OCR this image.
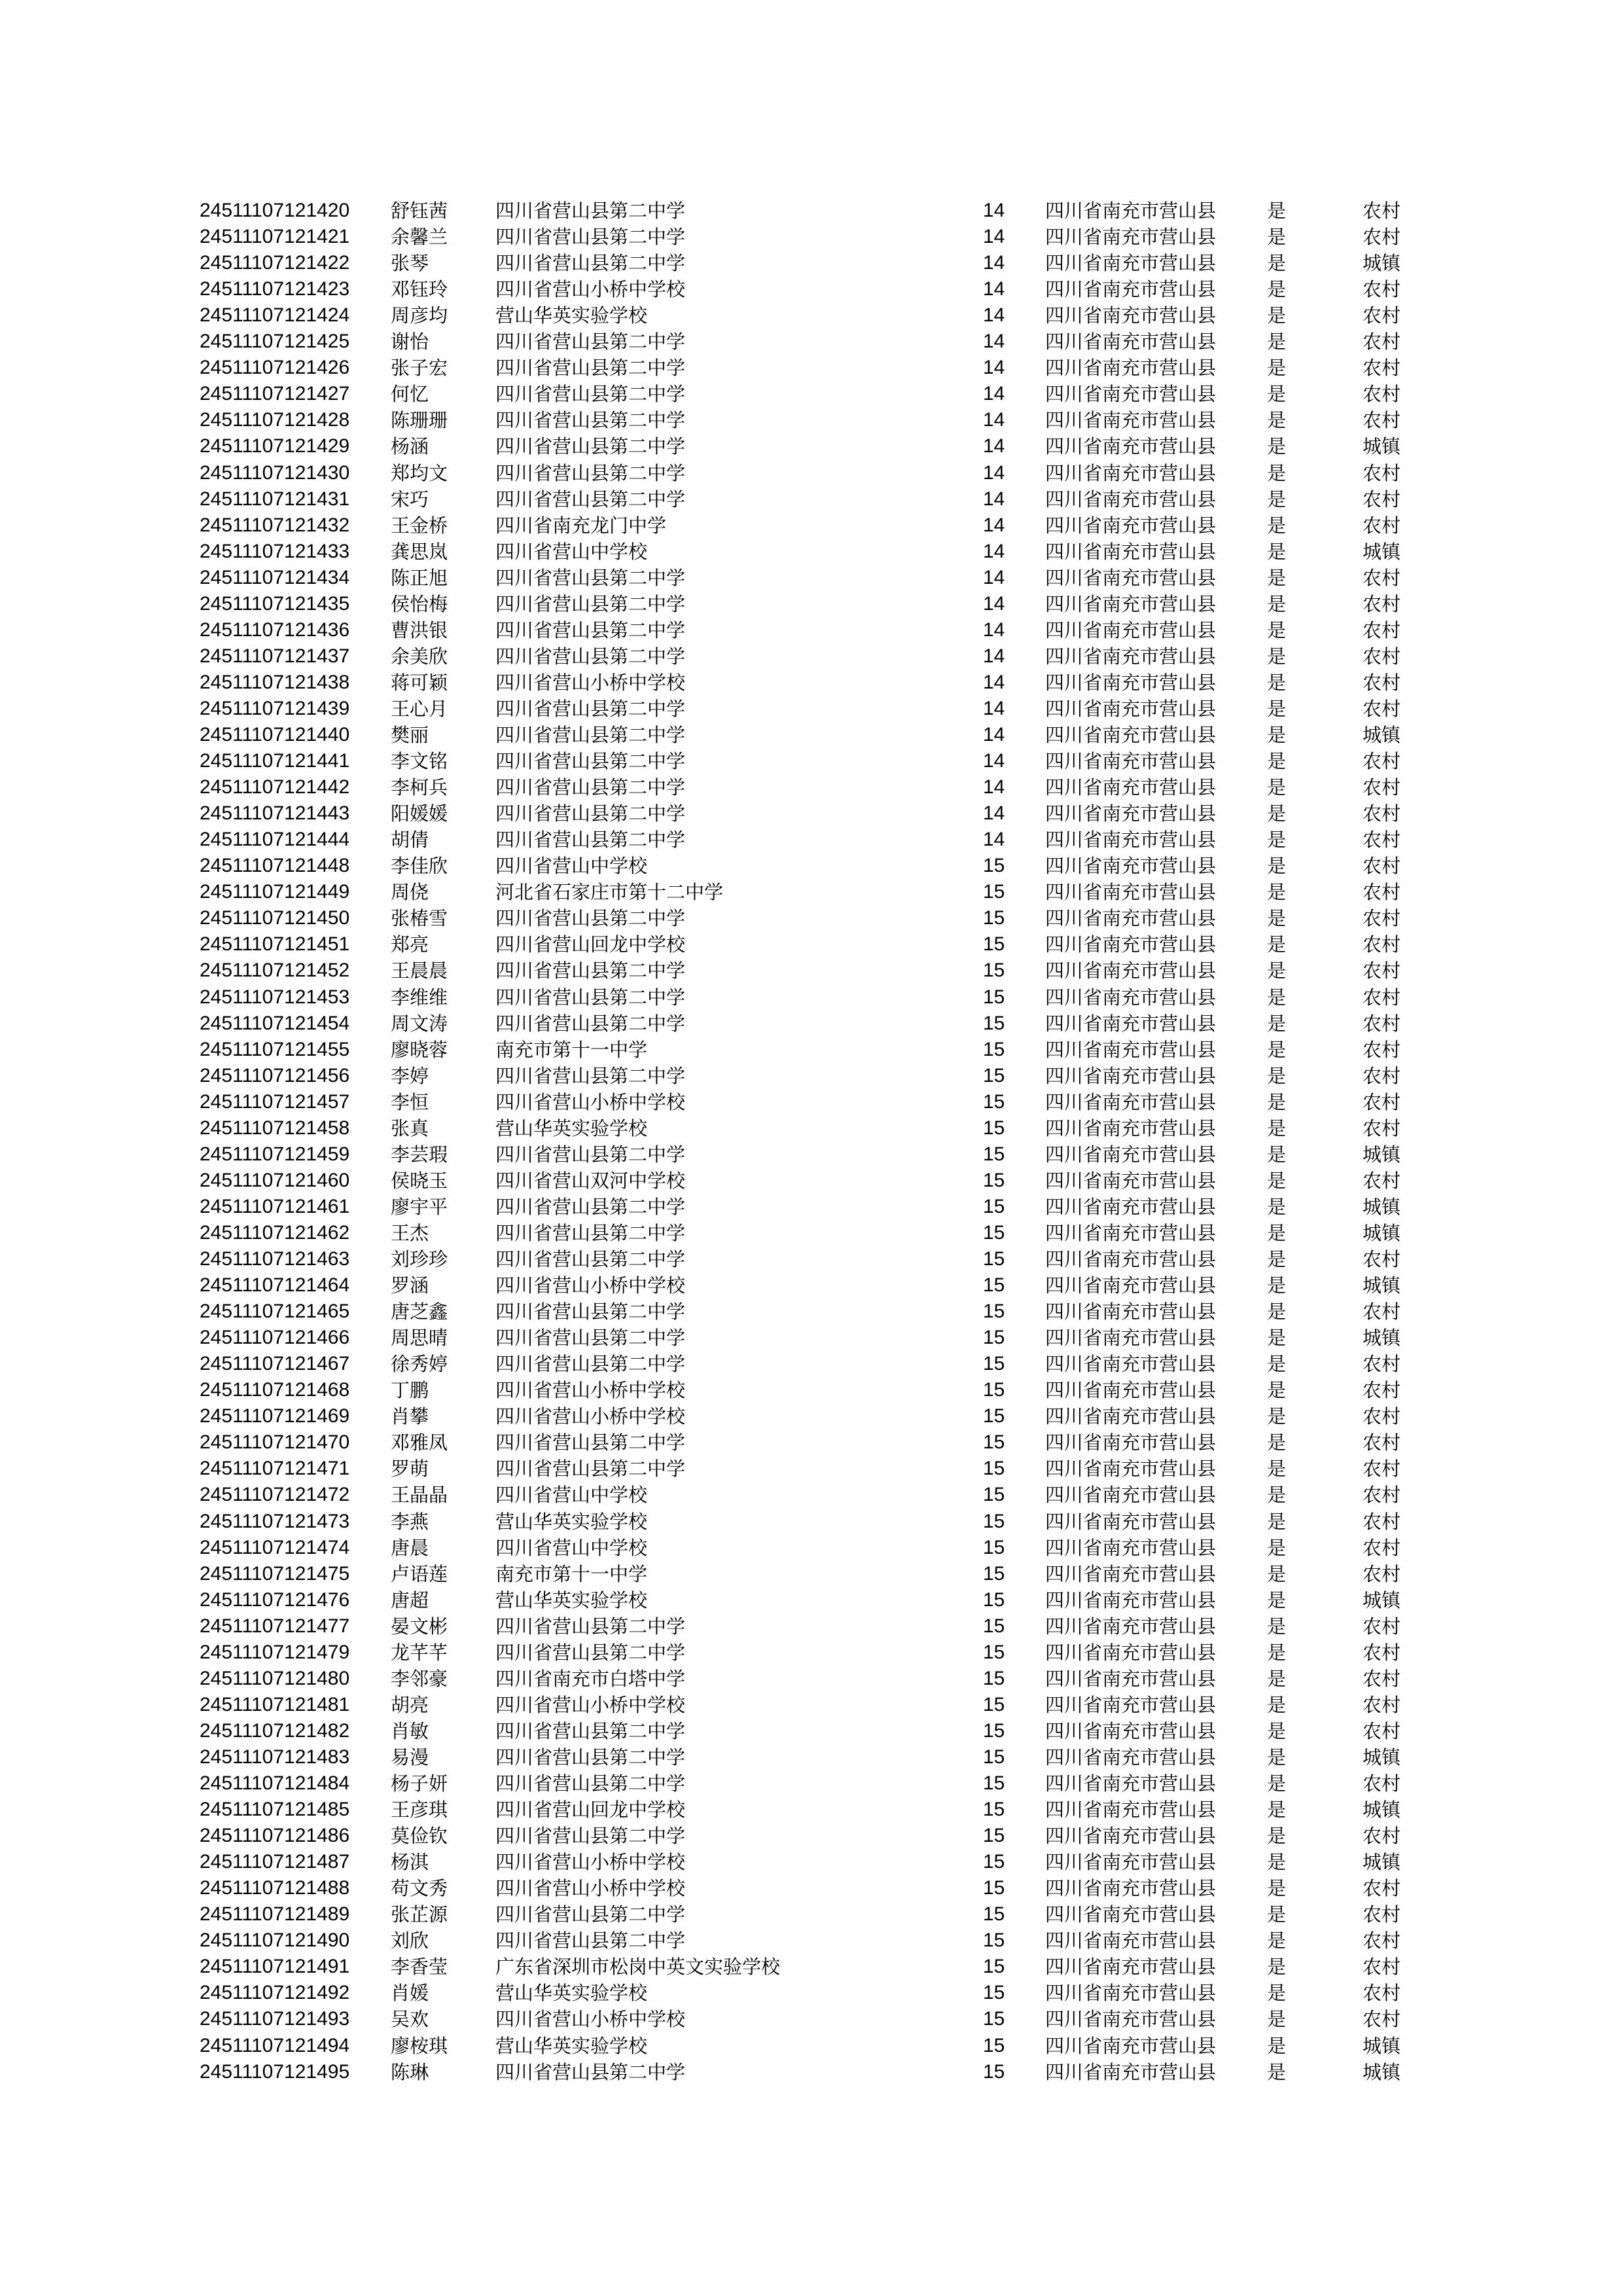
24511107121420	舒钰茜	四川省营山县第二中学	14	四川省南充市营山县	是	农村
24511107121421	余馨兰	四川省营山县第二中学	14	四川省南充市营山县	是	农村
24511107121422	张琴	四川省营山县第二中学	14	四川省南充市营山县	是	城镇
24511107121423	邓钰玲	四川省营山小桥中学校	14	四川省南充市营山县	是	农村
24511107121424	周彦均	营山华英实验学校	14	四川省南充市营山县	是	农村
24511107121425	谢怡	四川省营山县第二中学	14	四川省南充市营山县	是	农村
24511107121426	张子宏	四川省营山县第二中学	14	四川省南充市营山县	是	农村
24511107121427	何忆	四川省营山县第二中学	14	四川省南充市营山县	是	农村
24511107121428	陈珊珊	四川省营山县第二中学	14	四川省南充市营山县	是	农村
24511107121429	杨涵	四川省营山县第二中学	14	四川省南充市营山县	是	城镇
24511107121430	郑均文	四川省营山县第二中学	14	四川省南充市营山县	是	农村
24511107121431	宋巧	四川省营山县第二中学	14	四川省南充市营山县	是	农村
24511107121432	王金桥	四川省南充龙门中学	14	四川省南充市营山县	是	农村
24511107121433	龚思岚	四川省营山中学校	14	四川省南充市营山县	是	城镇
24511107121434	陈正旭	四川省营山县第二中学	14	四川省南充市营山县	是	农村
24511107121435	侯怡梅	四川省营山县第二中学	14	四川省南充市营山县	是	农村
24511107121436	曹洪银	四川省营山县第二中学	14	四川省南充市营山县	是	农村
24511107121437	余美欣	四川省营山县第二中学	14	四川省南充市营山县	是	农村
24511107121438	蒋可颖	四川省营山小桥中学校	14	四川省南充市营山县	是	农村
24511107121439	王心月	四川省营山县第二中学	14	四川省南充市营山县	是	农村
24511107121440	樊丽	四川省营山县第二中学	14	四川省南充市营山县	是	城镇
24511107121441	李文铭	四川省营山县第二中学	14	四川省南充市营山县	是	农村
24511107121442	李柯兵	四川省营山县第二中学	14	四川省南充市营山县	是	农村
24511107121443	阳媛媛	四川省营山县第二中学	14	四川省南充市营山县	是	农村
24511107121444	胡倩	四川省营山县第二中学	14	四川省南充市营山县	是	农村
24511107121448	李佳欣	四川省营山中学校	15	四川省南充市营山县	是	农村
24511107121449	周侥	河北省石家庄市第十二中学	15	四川省南充市营山县	是	农村
24511107121450	张椿雪	四川省营山县第二中学	15	四川省南充市营山县	是	农村
24511107121451	郑亮	四川省营山回龙中学校	15	四川省南充市营山县	是	农村
24511107121452	王晨晨	四川省营山县第二中学	15	四川省南充市营山县	是	农村
24511107121453	李维维	四川省营山县第二中学	15	四川省南充市营山县	是	农村
24511107121454	周文涛	四川省营山县第二中学	15	四川省南充市营山县	是	农村
24511107121455	廖晓蓉	南充市第十一中学	15	四川省南充市营山县	是	农村
24511107121456	李婷	四川省营山县第二中学	15	四川省南充市营山县	是	农村
24511107121457	李恒	四川省营山小桥中学校	15	四川省南充市营山县	是	农村
24511107121458	张真	营山华英实验学校	15	四川省南充市营山县	是	农村
24511107121459	李芸瑕	四川省营山县第二中学	15	四川省南充市营山县	是	城镇
24511107121460	侯晓玉	四川省营山双河中学校	15	四川省南充市营山县	是	农村
24511107121461	廖宇平	四川省营山县第二中学	15	四川省南充市营山县	是	城镇
24511107121462	王杰	四川省营山县第二中学	15	四川省南充市营山县	是	城镇
24511107121463	刘珍珍	四川省营山县第二中学	15	四川省南充市营山县	是	农村
24511107121464	罗涵	四川省营山小桥中学校	15	四川省南充市营山县	是	城镇
24511107121465	唐芝鑫	四川省营山县第二中学	15	四川省南充市营山县	是	农村
24511107121466	周思晴	四川省营山县第二中学	15	四川省南充市营山县	是	城镇
24511107121467	徐秀婷	四川省营山县第二中学	15	四川省南充市营山县	是	农村
24511107121468	丁鹏	四川省营山小桥中学校	15	四川省南充市营山县	是	农村
24511107121469	肖攀	四川省营山小桥中学校	15	四川省南充市营山县	是	农村
24511107121470	邓雅凤	四川省营山县第二中学	15	四川省南充市营山县	是	农村
24511107121471	罗萌	四川省营山县第二中学	15	四川省南充市营山县	是	农村
24511107121472	王晶晶	四川省营山中学校	15	四川省南充市营山县	是	农村
24511107121473	李燕	营山华英实验学校	15	四川省南充市营山县	是	农村
24511107121474	唐晨	四川省营山中学校	15	四川省南充市营山县	是	农村
24511107121475	卢语莲	南充市第十一中学	15	四川省南充市营山县	是	农村
24511107121476	唐超	营山华英实验学校	15	四川省南充市营山县	是	城镇
24511107121477	晏文彬	四川省营山县第二中学	15	四川省南充市营山县	是	农村
24511107121479	龙芊芊	四川省营山县第二中学	15	四川省南充市营山县	是	农村
24511107121480	李邻豪	四川省南充市白塔中学	15	四川省南充市营山县	是	农村
24511107121481	胡亮	四川省营山小桥中学校	15	四川省南充市营山县	是	农村
24511107121482	肖敏	四川省营山县第二中学	15	四川省南充市营山县	是	农村
24511107121483	易漫	四川省营山县第二中学	15	四川省南充市营山县	是	城镇
24511107121484	杨子妍	四川省营山县第二中学	15	四川省南充市营山县	是	农村
24511107121485	王彦琪	四川省营山回龙中学校	15	四川省南充市营山县	是	城镇
24511107121486	莫俭钦	四川省营山县第二中学	15	四川省南充市营山县	是	农村
24511107121487	杨淇	四川省营山小桥中学校	15	四川省南充市营山县	是	城镇
24511107121488	苟文秀	四川省营山小桥中学校	15	四川省南充市营山县	是	农村
24511107121489	张芷源	四川省营山县第二中学	15	四川省南充市营山县	是	农村
24511107121490	刘欣	四川省营山县第二中学	15	四川省南充市营山县	是	农村
24511107121491	李香莹	广东省深圳市松岗中英文实验学校	15	四川省南充市营山县	是	农村
24511107121492	肖媛	营山华英实验学校	15	四川省南充市营山县	是	农村
24511107121493	吴欢	四川省营山小桥中学校	15	四川省南充市营山县	是	农村
24511107121494	廖桉琪	营山华英实验学校	15	四川省南充市营山县	是	城镇
24511107121495	陈琳	四川省营山县第二中学	15	四川省南充市营山县	是	城镇
